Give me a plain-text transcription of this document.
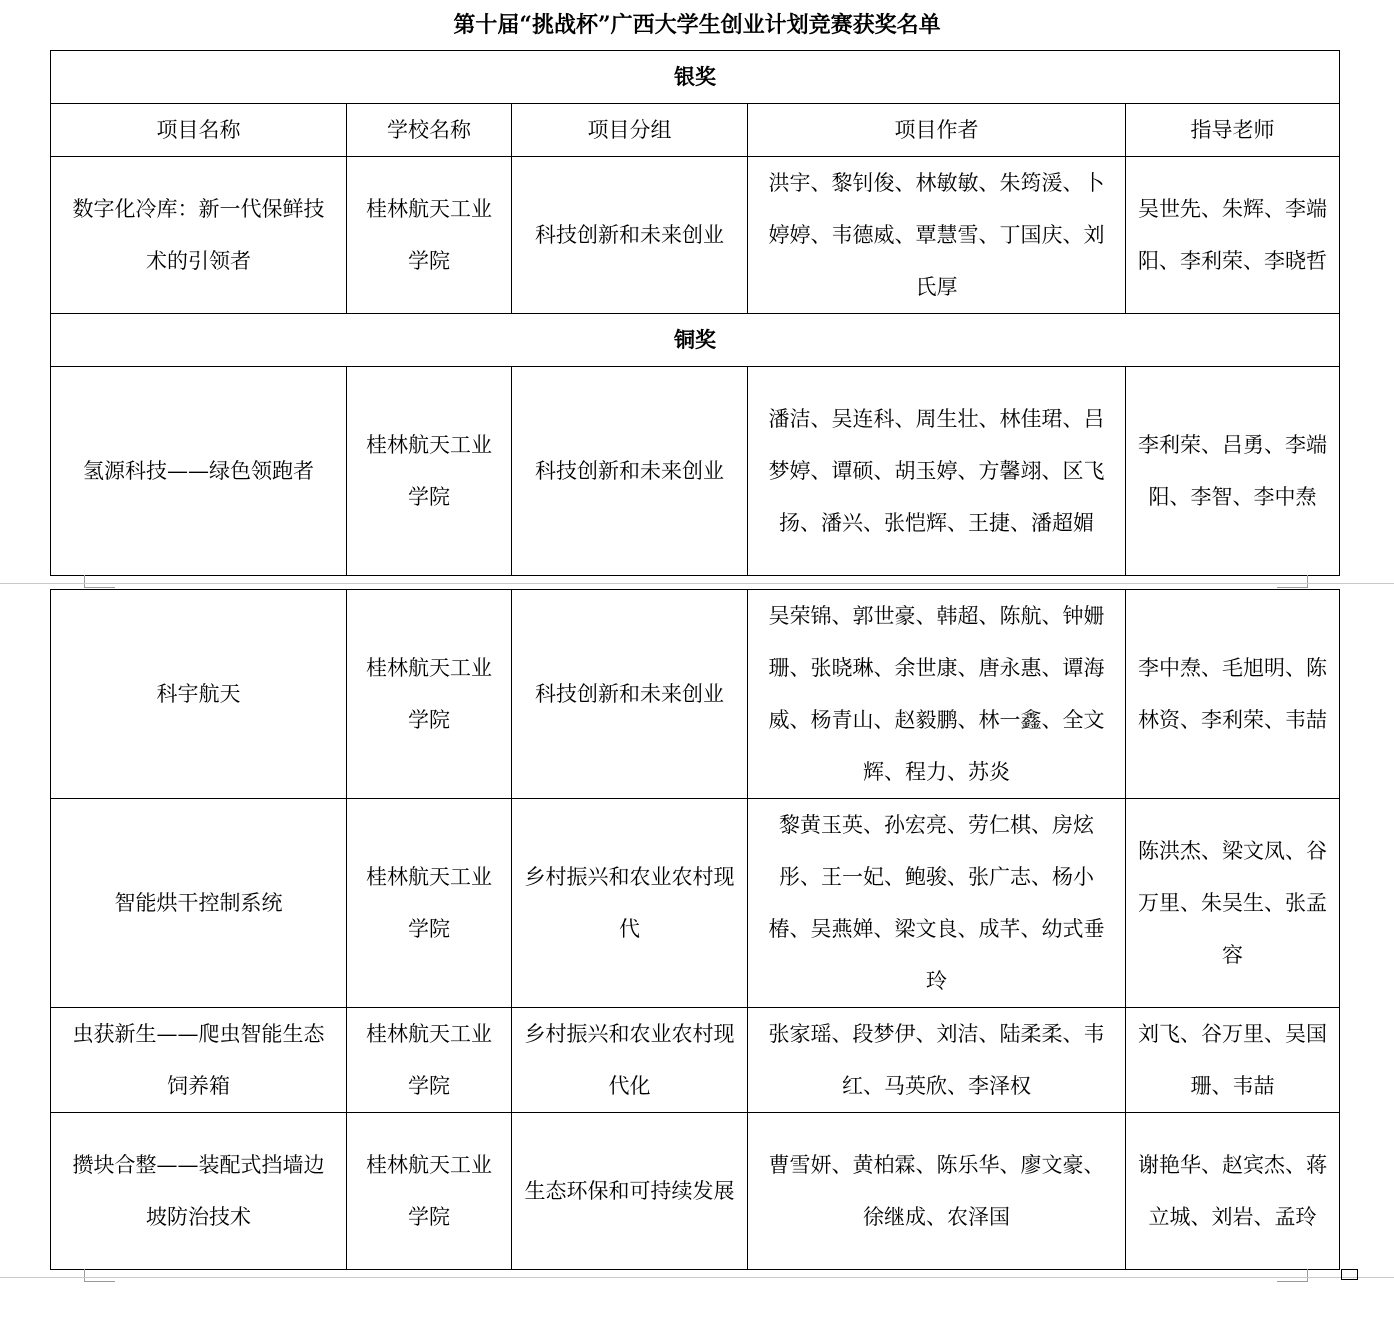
第十届“挑战杯”广西大学生创业计划竞赛获奖名单
银奖				
项目名称	学校名称	项目分组	项目作者	指导老师
数字化冷库：新一代保鲜技术的引领者	桂林航天工业学院	科技创新和未来创业	洪宇、黎钊俊、林敏敏、朱筠湲、卜婷婷、韦德威、覃慧雪、丁国庆、刘氏厚	吴世先、朱辉、李端阳、李利荣、李晓哲
铜奖				
氢源科技——绿色领跑者	桂林航天工业学院	科技创新和未来创业	潘洁、吴连科、周生壮、林佳珺、吕梦婷、谭硕、胡玉婷、方馨翊、区飞扬、潘兴、张恺辉、王捷、潘超媚	李利荣、吕勇、李端阳、李智、李中焘
科宇航天	桂林航天工业学院	科技创新和未来创业	吴荣锦、郭世豪、韩超、陈航、钟姗珊、张晓琳、余世康、唐永惠、谭海威、杨青山、赵毅鹏、林一鑫、全文辉、程力、苏炎	李中焘、毛旭明、陈林资、李利荣、韦喆
智能烘干控制系统	桂林航天工业学院	乡村振兴和农业农村现代	黎黄玉英、孙宏亮、劳仁棋、房炫彤、王一妃、鲍骏、张广志、杨小椿、吴燕婵、梁文良、成芊、幼式垂玲	陈洪杰、梁文凤、谷万里、朱吴生、张孟容
虫获新生——爬虫智能生态饲养箱	桂林航天工业学院	乡村振兴和农业农村现代化	张家瑶、段梦伊、刘洁、陆柔柔、韦红、马英欣、李泽权	刘飞、谷万里、吴国珊、韦喆
攒块合整——装配式挡墙边坡防治技术	桂林航天工业学院	生态环保和可持续发展	曹雪妍、黄柏霖、陈乐华、廖文豪、徐继成、农泽国	谢艳华、赵宾杰、蒋立城、刘岩、孟玲
